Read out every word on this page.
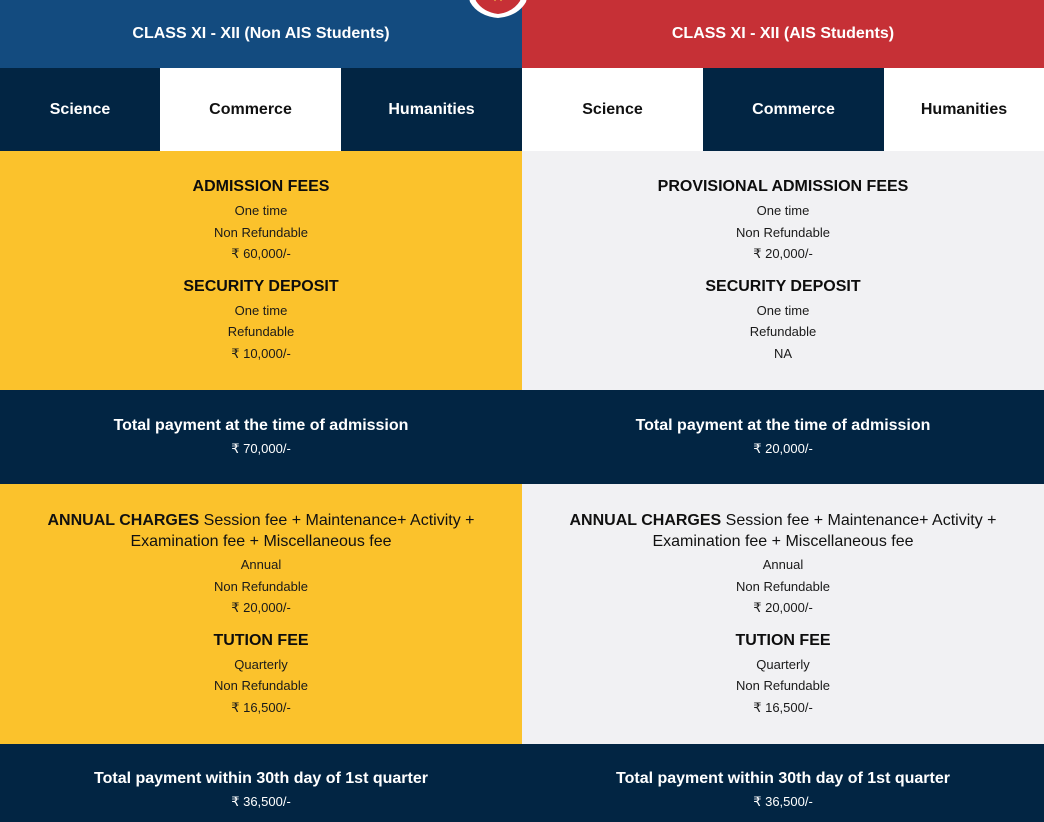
CLASS XI - XII (Non AIS Students)
Science	Commerce	Humanities
ADMISSION FEES
One time
Non Refundable
₹ 60,000/-
SECURITY DEPOSIT
One time
Refundable
₹ 10,000/-
Total payment at the time of admission
₹ 70,000/-
ANNUAL CHARGES Session fee + Maintenance+ Activity + Examination fee + Miscellaneous fee
Annual
Non Refundable
₹ 20,000/-
TUTION FEE
Quarterly
Non Refundable
₹ 16,500/-
Total payment within 30th day of 1st quarter
₹ 36,500/-
CLASS XI - XII (AIS Students)
Science	Commerce	Humanities
PROVISIONAL ADMISSION FEES
One time
Non Refundable
₹ 20,000/-
SECURITY DEPOSIT
One time
Refundable
NA
Total payment at the time of admission
₹ 20,000/-
ANNUAL CHARGES Session fee + Maintenance+ Activity + Examination fee + Miscellaneous fee
Annual
Non Refundable
₹ 20,000/-
TUTION FEE
Quarterly
Non Refundable
₹ 16,500/-
Total payment within 30th day of 1st quarter
₹ 36,500/-
